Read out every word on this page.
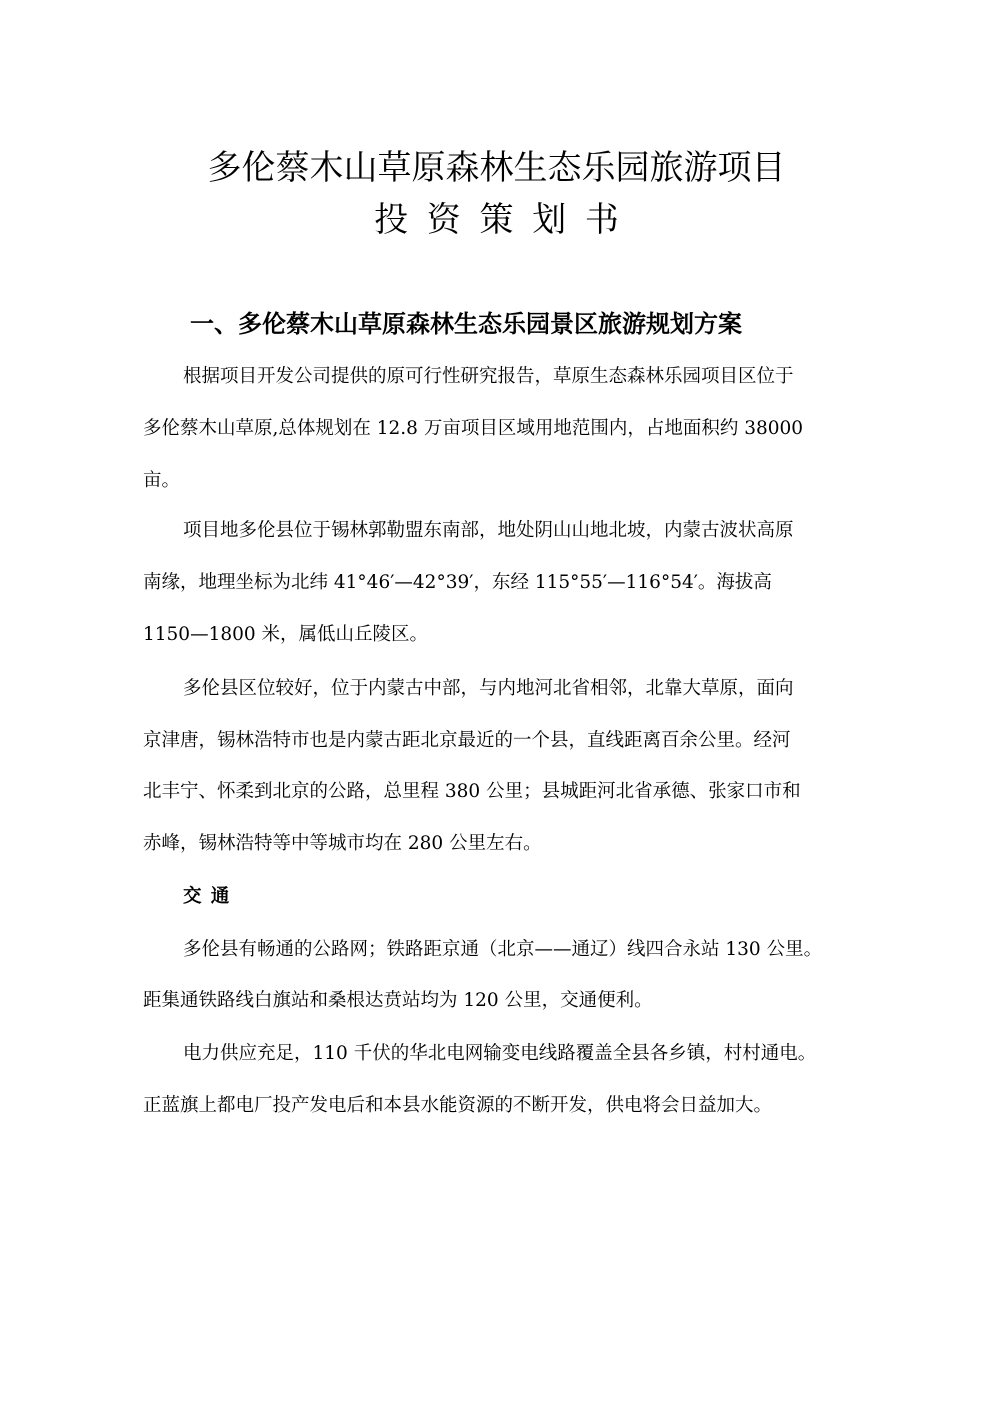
多伦蔡木山草原森林生态乐园旅游项目
投资策划书
一、多伦蔡木山草原森林生态乐园景区旅游规划方案
根据项目开发公司提供的原可行性研究报告，草原生态森林乐园项目区位于
多伦蔡木山草原,总体规划在 12.8 万亩项目区域用地范围内，占地面积约 38000
亩。
项目地多伦县位于锡林郭勒盟东南部，地处阴山山地北坡，内蒙古波状高原
南缘，地理坐标为北纬 41°46′—42°39′，东经 115°55′—116°54′。海拔高
1150—1800 米，属低山丘陵区。
多伦县区位较好，位于内蒙古中部，与内地河北省相邻，北靠大草原，面向
京津唐，锡林浩特市也是内蒙古距北京最近的一个县，直线距离百余公里。经河
北丰宁、怀柔到北京的公路，总里程 380 公里；县城距河北省承德、张家口市和
赤峰，锡林浩特等中等城市均在 280 公里左右。
交通
多伦县有畅通的公路网；铁路距京通（北京——通辽）线四合永站 130 公里。
距集通铁路线白旗站和桑根达贲站均为 120 公里，交通便利。
电力供应充足，110 千伏的华北电网输变电线路覆盖全县各乡镇，村村通电。
正蓝旗上都电厂投产发电后和本县水能资源的不断开发，供电将会日益加大。
